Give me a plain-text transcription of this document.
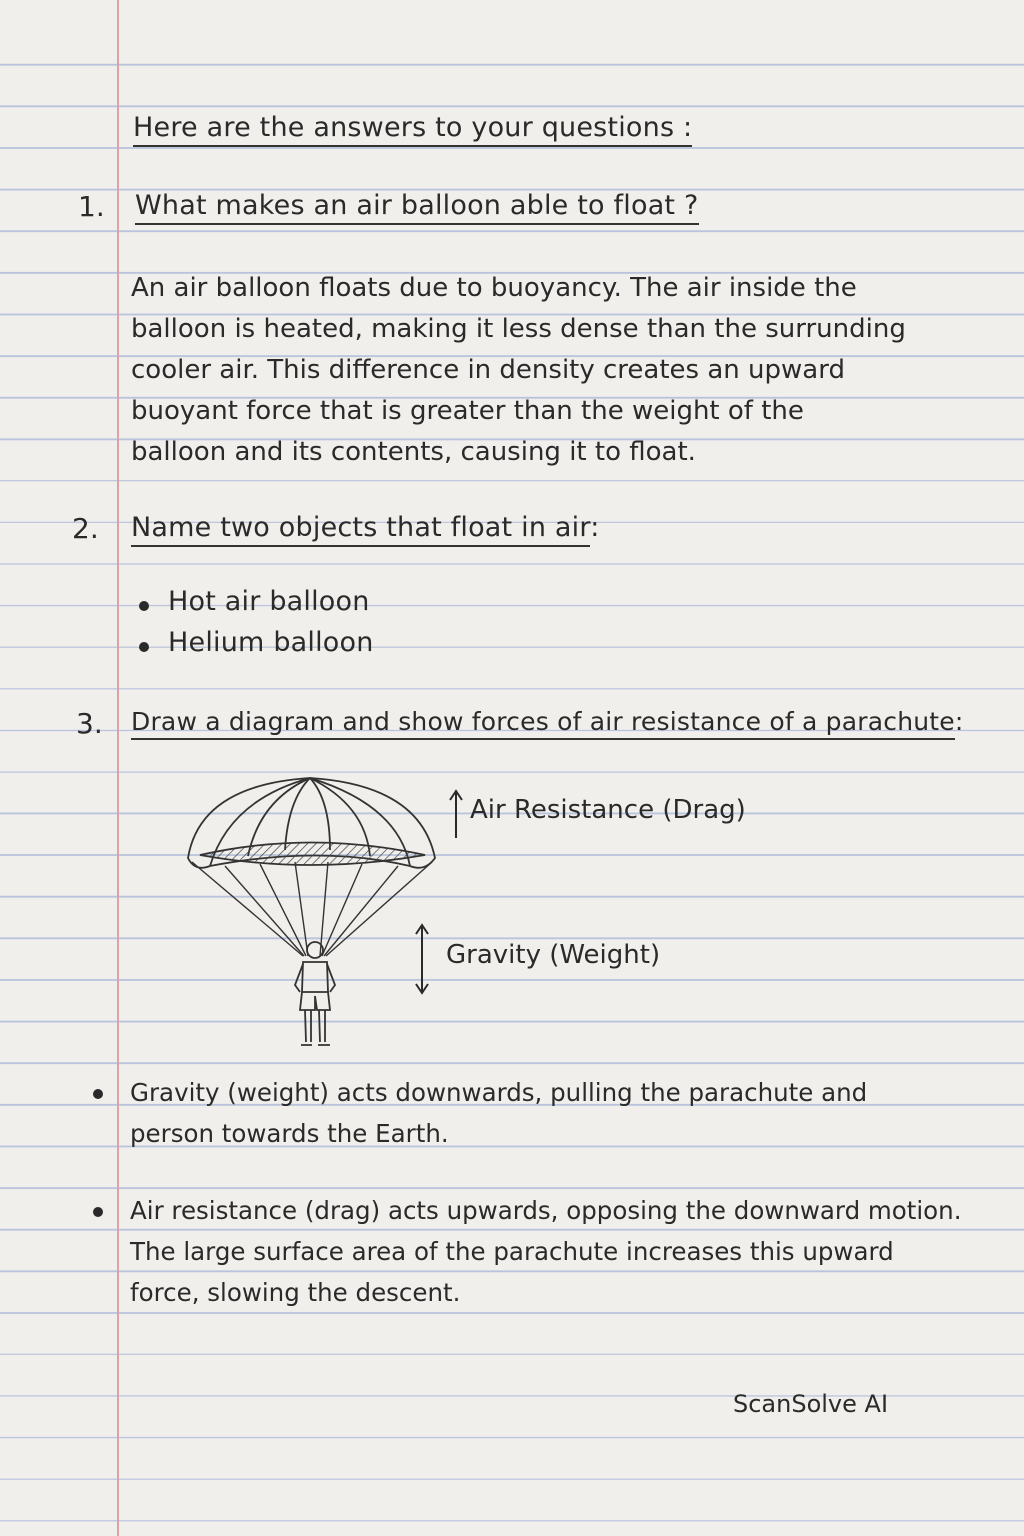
Here are the answers to your questions :
1. What makes an air balloon able to float ?
An air balloon floats due to buoyancy. The air inside the
balloon is heated, making it less dense than the surrunding
cooler air. This difference in density creates an upward
buoyant force that is greater than the weight of the
balloon and its contents, causing it to float.
2. Name two objects that float in air:
Hot air balloon
Helium balloon
3. Draw a diagram and show forces of air resistance of a parachute:
Air Resistance (Drag)
Gravity (Weight)
Gravity (weight) acts downwards, pulling the parachute and
person towards the Earth.
Air resistance (drag) acts upwards, opposing the downward motion.
The large surface area of the parachute increases this upward
force, slowing the descent.
ScanSolve AI
